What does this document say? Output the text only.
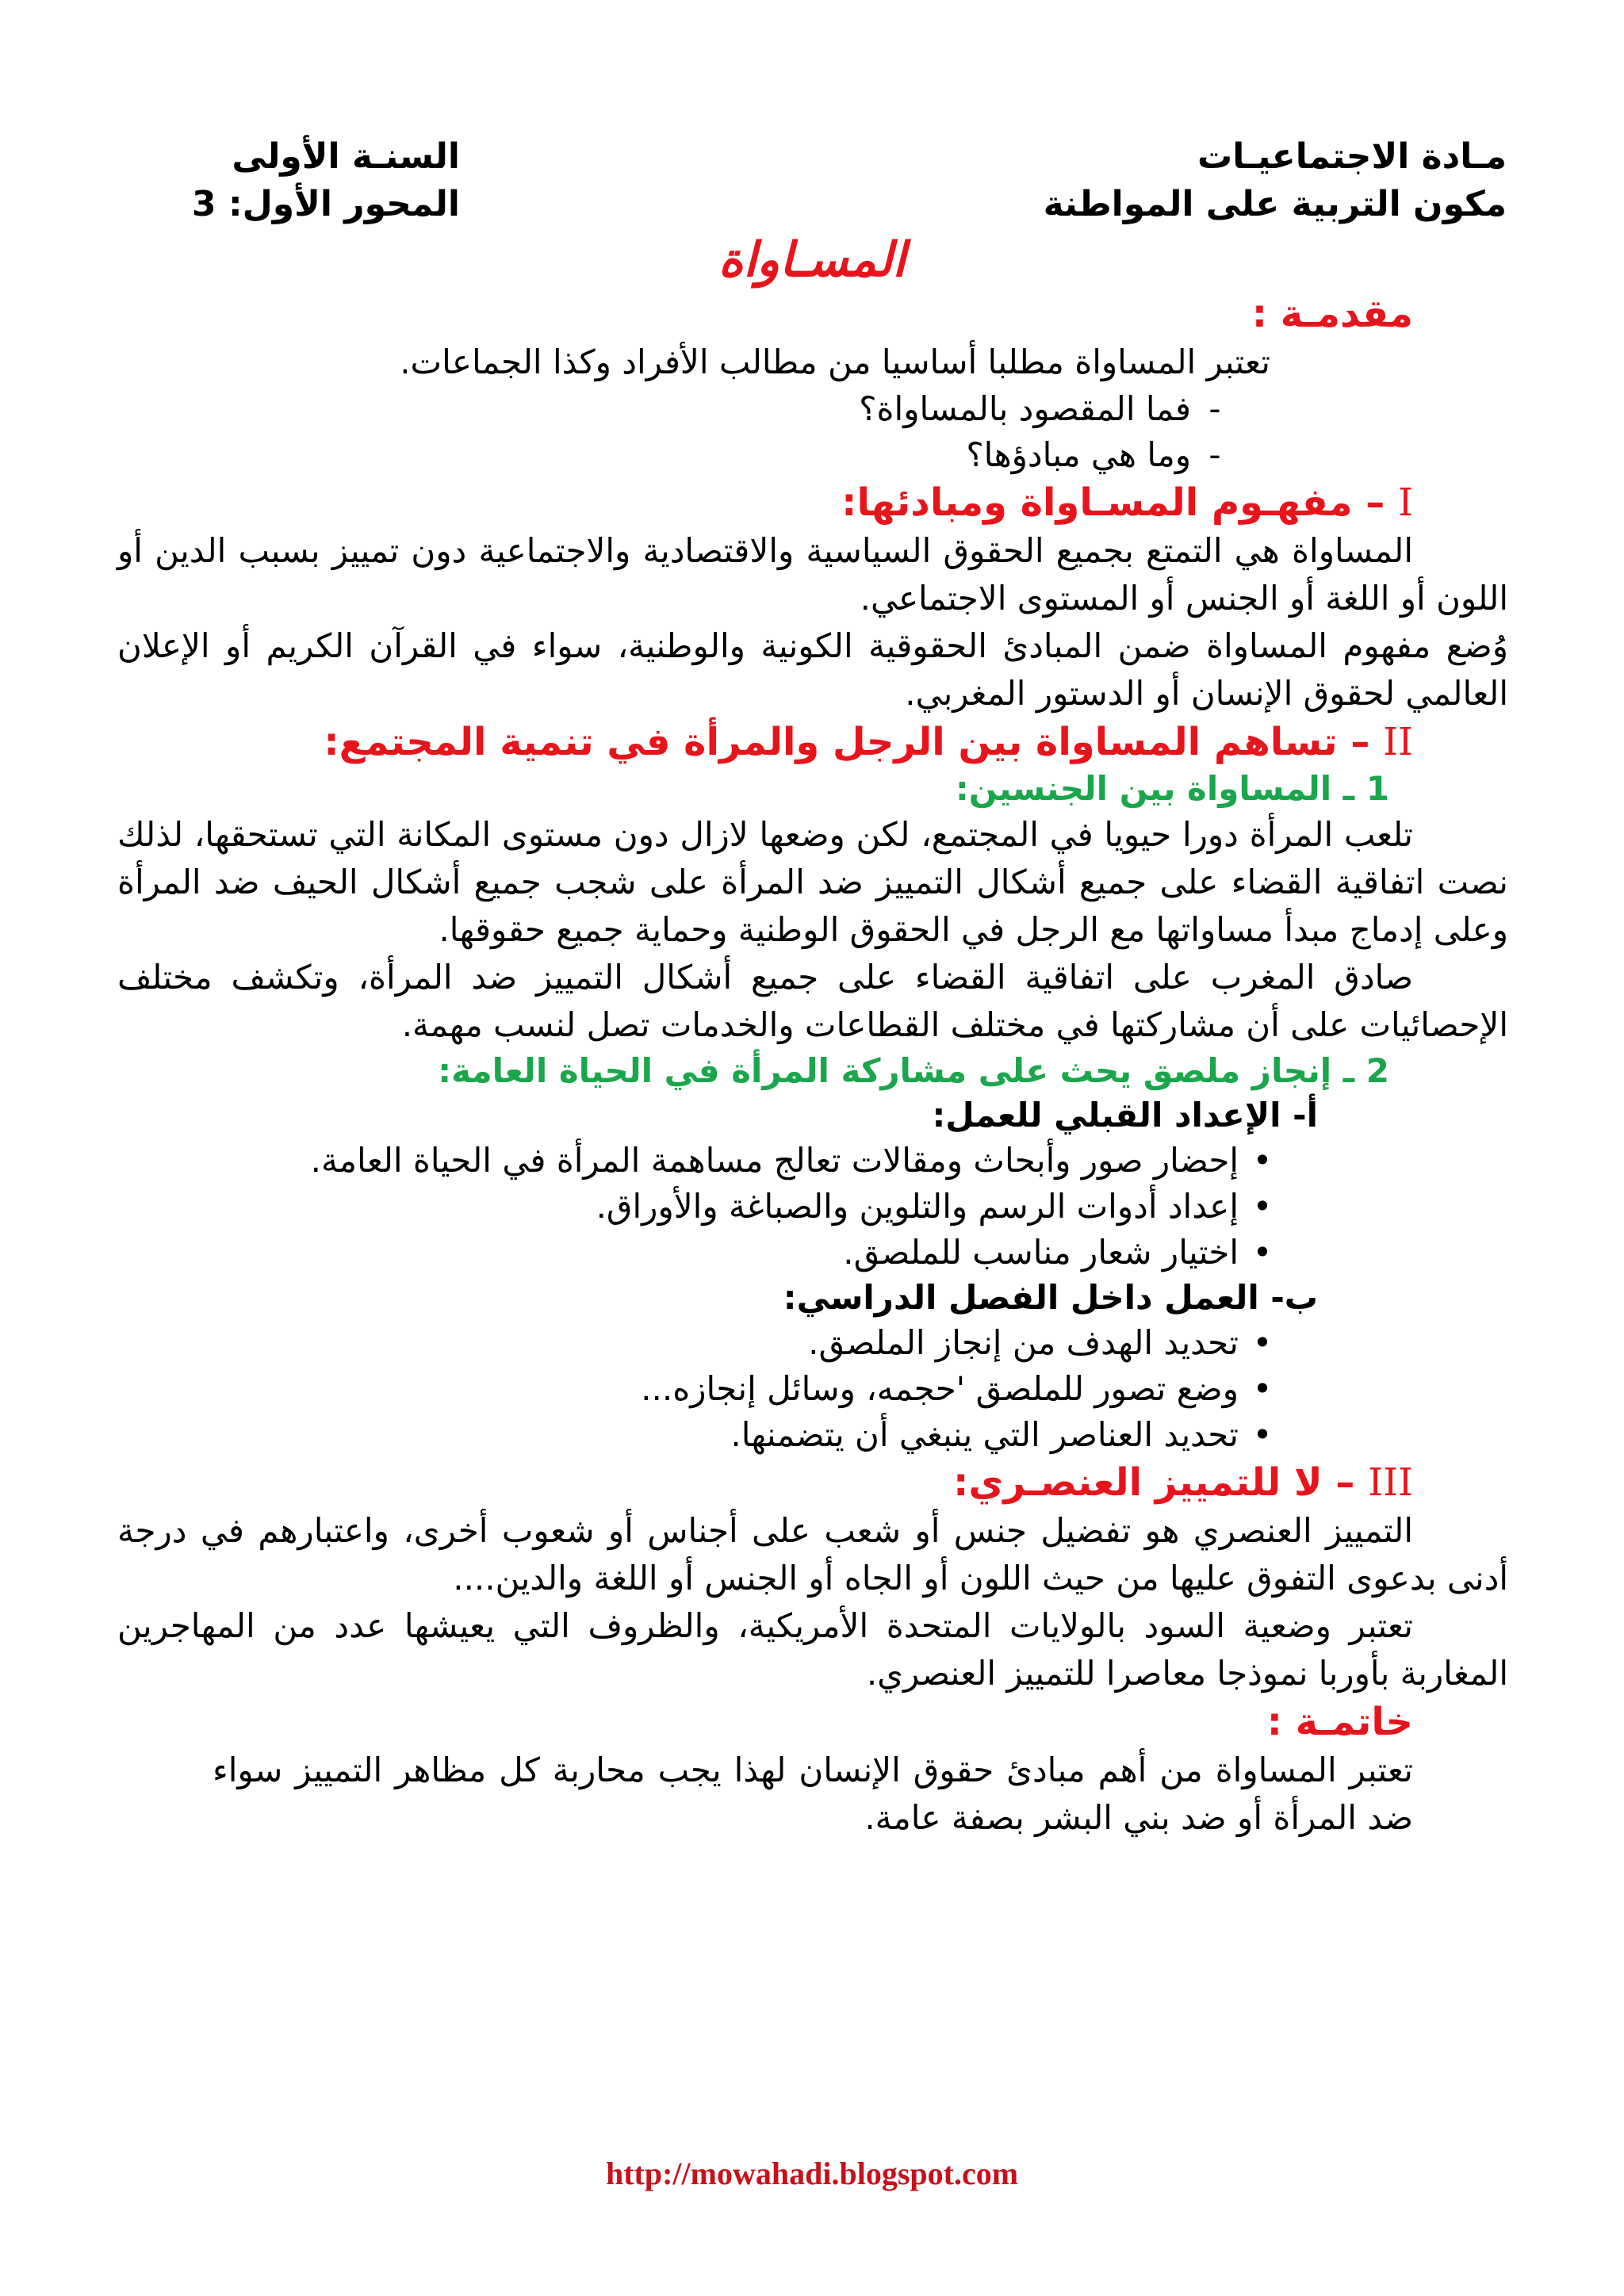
مـادة الاجتماعيـات
مكون التربية على المواطنة
السنـة الأولى
المحور الأول: 3
المسـاواة
مقدمـة :
تعتبر المساواة مطلبا أساسيا من مطالب الأفراد وكذا الجماعات.
-فما المقصود بالمساواة؟
-وما هي مبادؤها؟
I – مفهـوم المسـاواة ومبادئها:

المساواة هي التمتع بجميع الحقوق السياسية والاقتصادية والاجتماعية دون تمييز بسبب الدين أو اللون أو اللغة أو الجنس أو المستوى الاجتماعي.

وُضع مفهوم المساواة ضمن المبادئ الحقوقية الكونية والوطنية، سواء في القرآن الكريم أو الإعلان العالمي لحقوق الإنسان أو الدستور المغربي.

II – تساهم المساواة بين الرجل والمرأة في تنمية المجتمع:
1 ـ المساواة بين الجنسين:

تلعب المرأة دورا حيويا في المجتمع، لكن وضعها لازال دون مستوى المكانة التي تستحقها، لذلك نصت اتفاقية القضاء على جميع أشكال التمييز ضد المرأة على شجب جميع أشكال الحيف ضد المرأة وعلى إدماج مبدأ مساواتها مع الرجل في الحقوق الوطنية وحماية جميع حقوقها.

صادق المغرب على اتفاقية القضاء على جميع أشكال التمييز ضد المرأة، وتكشف مختلف الإحصائيات على أن مشاركتها في مختلف القطاعات والخدمات تصل لنسب مهمة.

2 ـ إنجاز ملصق يحث على مشاركة المرأة في الحياة العامة:
أ- الإعداد القبلي للعمل:
•إحضار صور وأبحاث ومقالات تعالج مساهمة المرأة في الحياة العامة.
•إعداد أدوات الرسم والتلوين والصباغة والأوراق.
•اختيار شعار مناسب للملصق.
ب- العمل داخل الفصل الدراسي:
•تحديد الهدف من إنجاز الملصق.
•وضع تصور للملصق 'حجمه، وسائل إنجازه...
•تحديد العناصر التي ينبغي أن يتضمنها.
III – لا للتمييز العنصـري:

التمييز العنصري هو تفضيل جنس أو شعب على أجناس أو شعوب أخرى، واعتبارهم في درجة أدنى بدعوى التفوق عليها من حيث اللون أو الجاه أو الجنس أو اللغة والدين....

تعتبر وضعية السود بالولايات المتحدة الأمريكية، والظروف التي يعيشها عدد من المهاجرين المغاربة بأوربا نموذجا معاصرا للتمييز العنصري.

خاتمـة :

تعتبر المساواة من أهم مبادئ حقوق الإنسان لهذا يجب محاربة كل مظاهر التمييز سواء ضد المرأة أو ضد بني البشر بصفة عامة.

http://mowahadi.blogspot.com
